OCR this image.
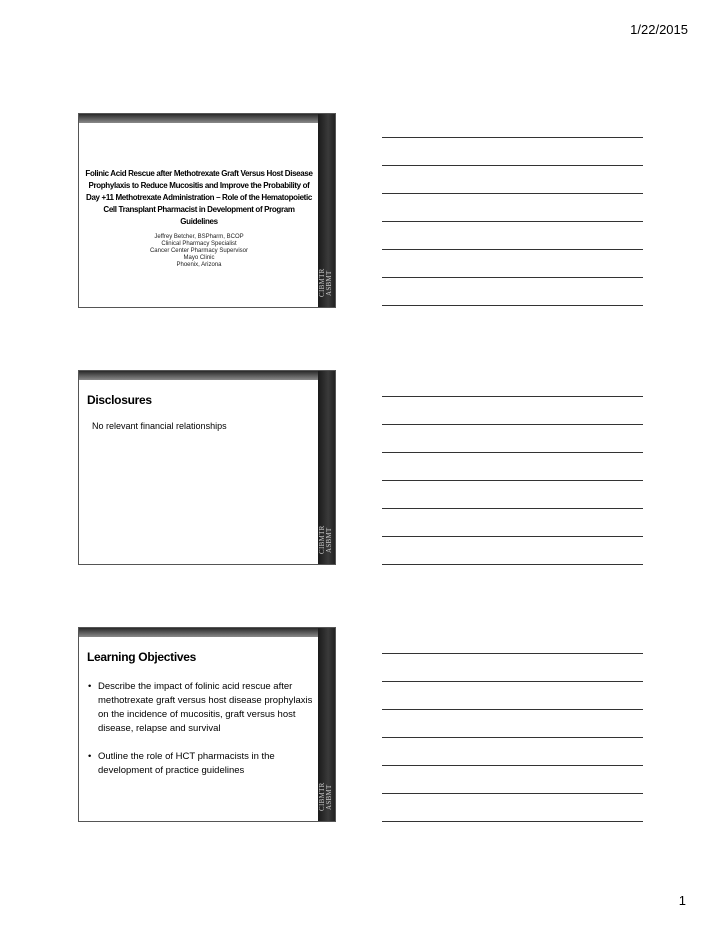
1/22/2015
CIBMTR
ASBMT
Folinic Acid Rescue after Methotrexate Graft Versus Host Disease Prophylaxis to Reduce Mucositis and Improve the Probability of Day +11 Methotrexate Administration – Role of the Hematopoietic Cell Transplant Pharmacist in Development of Program Guidelines
Jeffrey Betcher, BSPharm, BCOP
Clinical Pharmacy Specialist
Cancer Center Pharmacy Supervisor
Mayo Clinic
Phoenix, Arizona
CIBMTR
ASBMT
Disclosures
No relevant financial relationships
CIBMTR
ASBMT
Learning Objectives
• Describe the impact of folinic acid rescue after methotrexate graft versus host disease prophylaxis on the incidence of mucositis, graft versus host disease, relapse and survival
• Outline the role of HCT pharmacists in the development of practice guidelines
1
